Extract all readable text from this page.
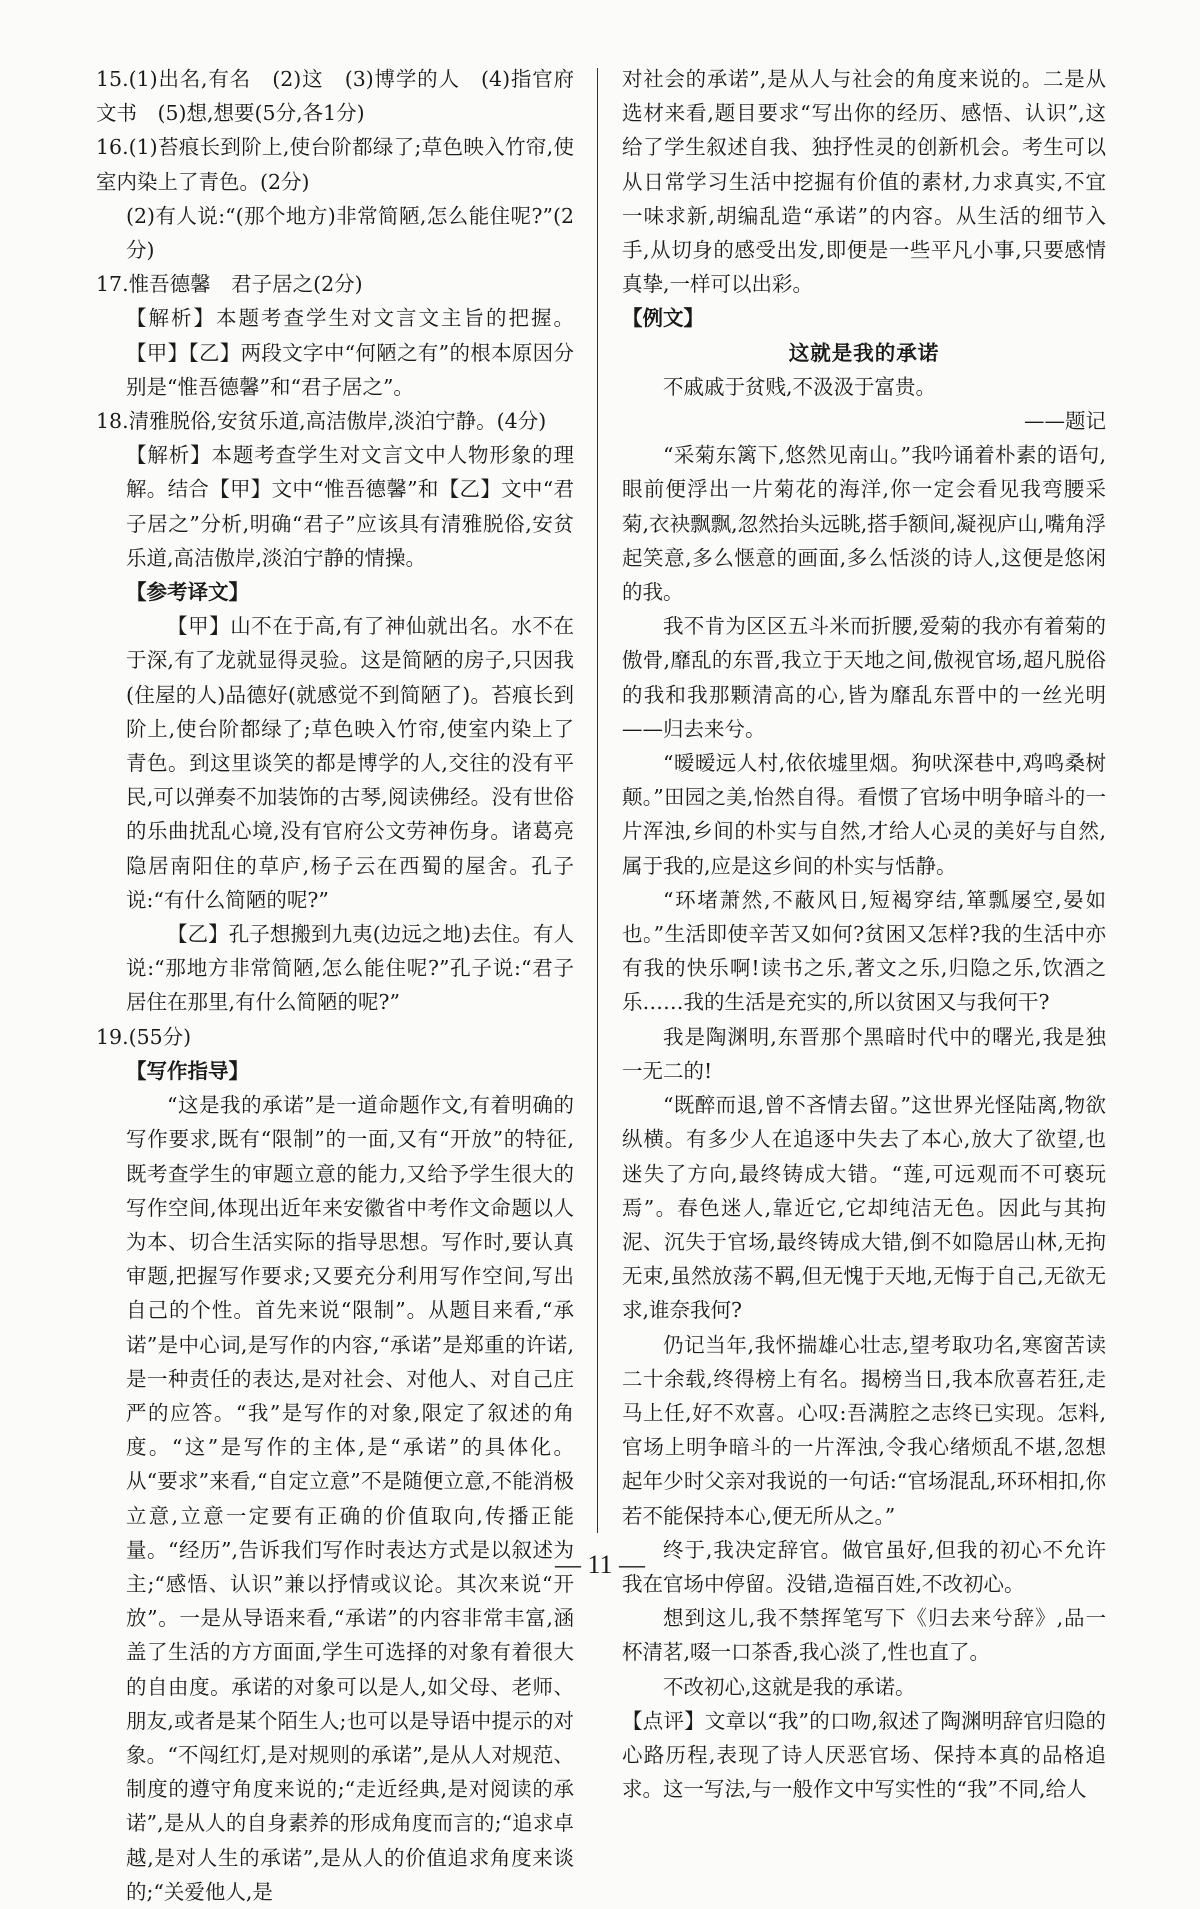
15.(1)出名,有名　(2)这　(3)博学的人　(4)指官府文书　(5)想,想要(5分,各1分)

16.(1)苔痕长到阶上,使台阶都绿了;草色映入竹帘,使室内染上了青色。(2分)

(2)有人说:“(那个地方)非常简陋,怎么能住呢?”(2分)

17.惟吾德馨　君子居之(2分)

【解析】本题考查学生对文言文主旨的把握。【甲】【乙】两段文字中“何陋之有”的根本原因分别是“惟吾德馨”和“君子居之”。

18.清雅脱俗,安贫乐道,高洁傲岸,淡泊宁静。(4分)

【解析】本题考查学生对文言文中人物形象的理解。结合【甲】文中“惟吾德馨”和【乙】文中“君子居之”分析,明确“君子”应该具有清雅脱俗,安贫乐道,高洁傲岸,淡泊宁静的情操。

【参考译文】

【甲】山不在于高,有了神仙就出名。水不在于深,有了龙就显得灵验。这是简陋的房子,只因我(住屋的人)品德好(就感觉不到简陋了)。苔痕长到阶上,使台阶都绿了;草色映入竹帘,使室内染上了青色。到这里谈笑的都是博学的人,交往的没有平民,可以弹奏不加装饰的古琴,阅读佛经。没有世俗的乐曲扰乱心境,没有官府公文劳神伤身。诸葛亮隐居南阳住的草庐,杨子云在西蜀的屋舍。孔子说:“有什么简陋的呢?”

【乙】孔子想搬到九夷(边远之地)去住。有人说:“那地方非常简陋,怎么能住呢?”孔子说:“君子居住在那里,有什么简陋的呢?”

19.(55分)

【写作指导】

“这是我的承诺”是一道命题作文,有着明确的写作要求,既有“限制”的一面,又有“开放”的特征,既考查学生的审题立意的能力,又给予学生很大的写作空间,体现出近年来安徽省中考作文命题以人为本、切合生活实际的指导思想。写作时,要认真审题,把握写作要求;又要充分利用写作空间,写出自己的个性。首先来说“限制”。从题目来看,“承诺”是中心词,是写作的内容,“承诺”是郑重的许诺,是一种责任的表达,是对社会、对他人、对自己庄严的应答。“我”是写作的对象,限定了叙述的角度。“这”是写作的主体,是“承诺”的具体化。从“要求”来看,“自定立意”不是随便立意,不能消极立意,立意一定要有正确的价值取向,传播正能量。“经历”,告诉我们写作时表达方式是以叙述为主;“感悟、认识”兼以抒情或议论。其次来说“开放”。一是从导语来看,“承诺”的内容非常丰富,涵盖了生活的方方面面,学生可选择的对象有着很大的自由度。承诺的对象可以是人,如父母、老师、朋友,或者是某个陌生人;也可以是导语中提示的对象。“不闯红灯,是对规则的承诺”,是从人对规范、制度的遵守角度来说的;“走近经典,是对阅读的承诺”,是从人的自身素养的形成角度而言的;“追求卓越,是对人生的承诺”,是从人的价值追求角度来谈的;“关爱他人,是

对社会的承诺”,是从人与社会的角度来说的。二是从选材来看,题目要求“写出你的经历、感悟、认识”,这给了学生叙述自我、独抒性灵的创新机会。考生可以从日常学习生活中挖掘有价值的素材,力求真实,不宜一味求新,胡编乱造“承诺”的内容。从生活的细节入手,从切身的感受出发,即便是一些平凡小事,只要感情真挚,一样可以出彩。

【例文】

这就是我的承诺

不戚戚于贫贱,不汲汲于富贵。

——题记

“采菊东篱下,悠然见南山。”我吟诵着朴素的语句,眼前便浮出一片菊花的海洋,你一定会看见我弯腰采菊,衣袂飘飘,忽然抬头远眺,搭手额间,凝视庐山,嘴角浮起笑意,多么惬意的画面,多么恬淡的诗人,这便是悠闲的我。

我不肯为区区五斗米而折腰,爱菊的我亦有着菊的傲骨,靡乱的东晋,我立于天地之间,傲视官场,超凡脱俗的我和我那颗清高的心,皆为靡乱东晋中的一丝光明——归去来兮。

“暧暧远人村,依依墟里烟。狗吠深巷中,鸡鸣桑树颠。”田园之美,怡然自得。看惯了官场中明争暗斗的一片浑浊,乡间的朴实与自然,才给人心灵的美好与自然,属于我的,应是这乡间的朴实与恬静。

“环堵萧然,不蔽风日,短褐穿结,箪瓢屡空,晏如也。”生活即使辛苦又如何?贫困又怎样?我的生活中亦有我的快乐啊!读书之乐,著文之乐,归隐之乐,饮酒之乐……我的生活是充实的,所以贫困又与我何干?

我是陶渊明,东晋那个黑暗时代中的曙光,我是独一无二的!

“既醉而退,曾不吝情去留。”这世界光怪陆离,物欲纵横。有多少人在追逐中失去了本心,放大了欲望,也迷失了方向,最终铸成大错。“莲,可远观而不可亵玩焉”。春色迷人,靠近它,它却纯洁无色。因此与其拘泥、沉失于官场,最终铸成大错,倒不如隐居山林,无拘无束,虽然放荡不羁,但无愧于天地,无悔于自己,无欲无求,谁奈我何?

仍记当年,我怀揣雄心壮志,望考取功名,寒窗苦读二十余载,终得榜上有名。揭榜当日,我本欣喜若狂,走马上任,好不欢喜。心叹:吾满腔之志终已实现。怎料,官场上明争暗斗的一片浑浊,令我心绪烦乱不堪,忽想起年少时父亲对我说的一句话:“官场混乱,环环相扣,你若不能保持本心,便无所从之。”

终于,我决定辞官。做官虽好,但我的初心不允许我在官场中停留。没错,造福百姓,不改初心。

想到这儿,我不禁挥笔写下《归去来兮辞》,品一杯清茗,啜一口茶香,我心淡了,性也直了。

不改初心,这就是我的承诺。

【点评】文章以“我”的口吻,叙述了陶渊明辞官归隐的心路历程,表现了诗人厌恶官场、保持本真的品格追求。这一写法,与一般作文中写实性的“我”不同,给人

— 11 —
